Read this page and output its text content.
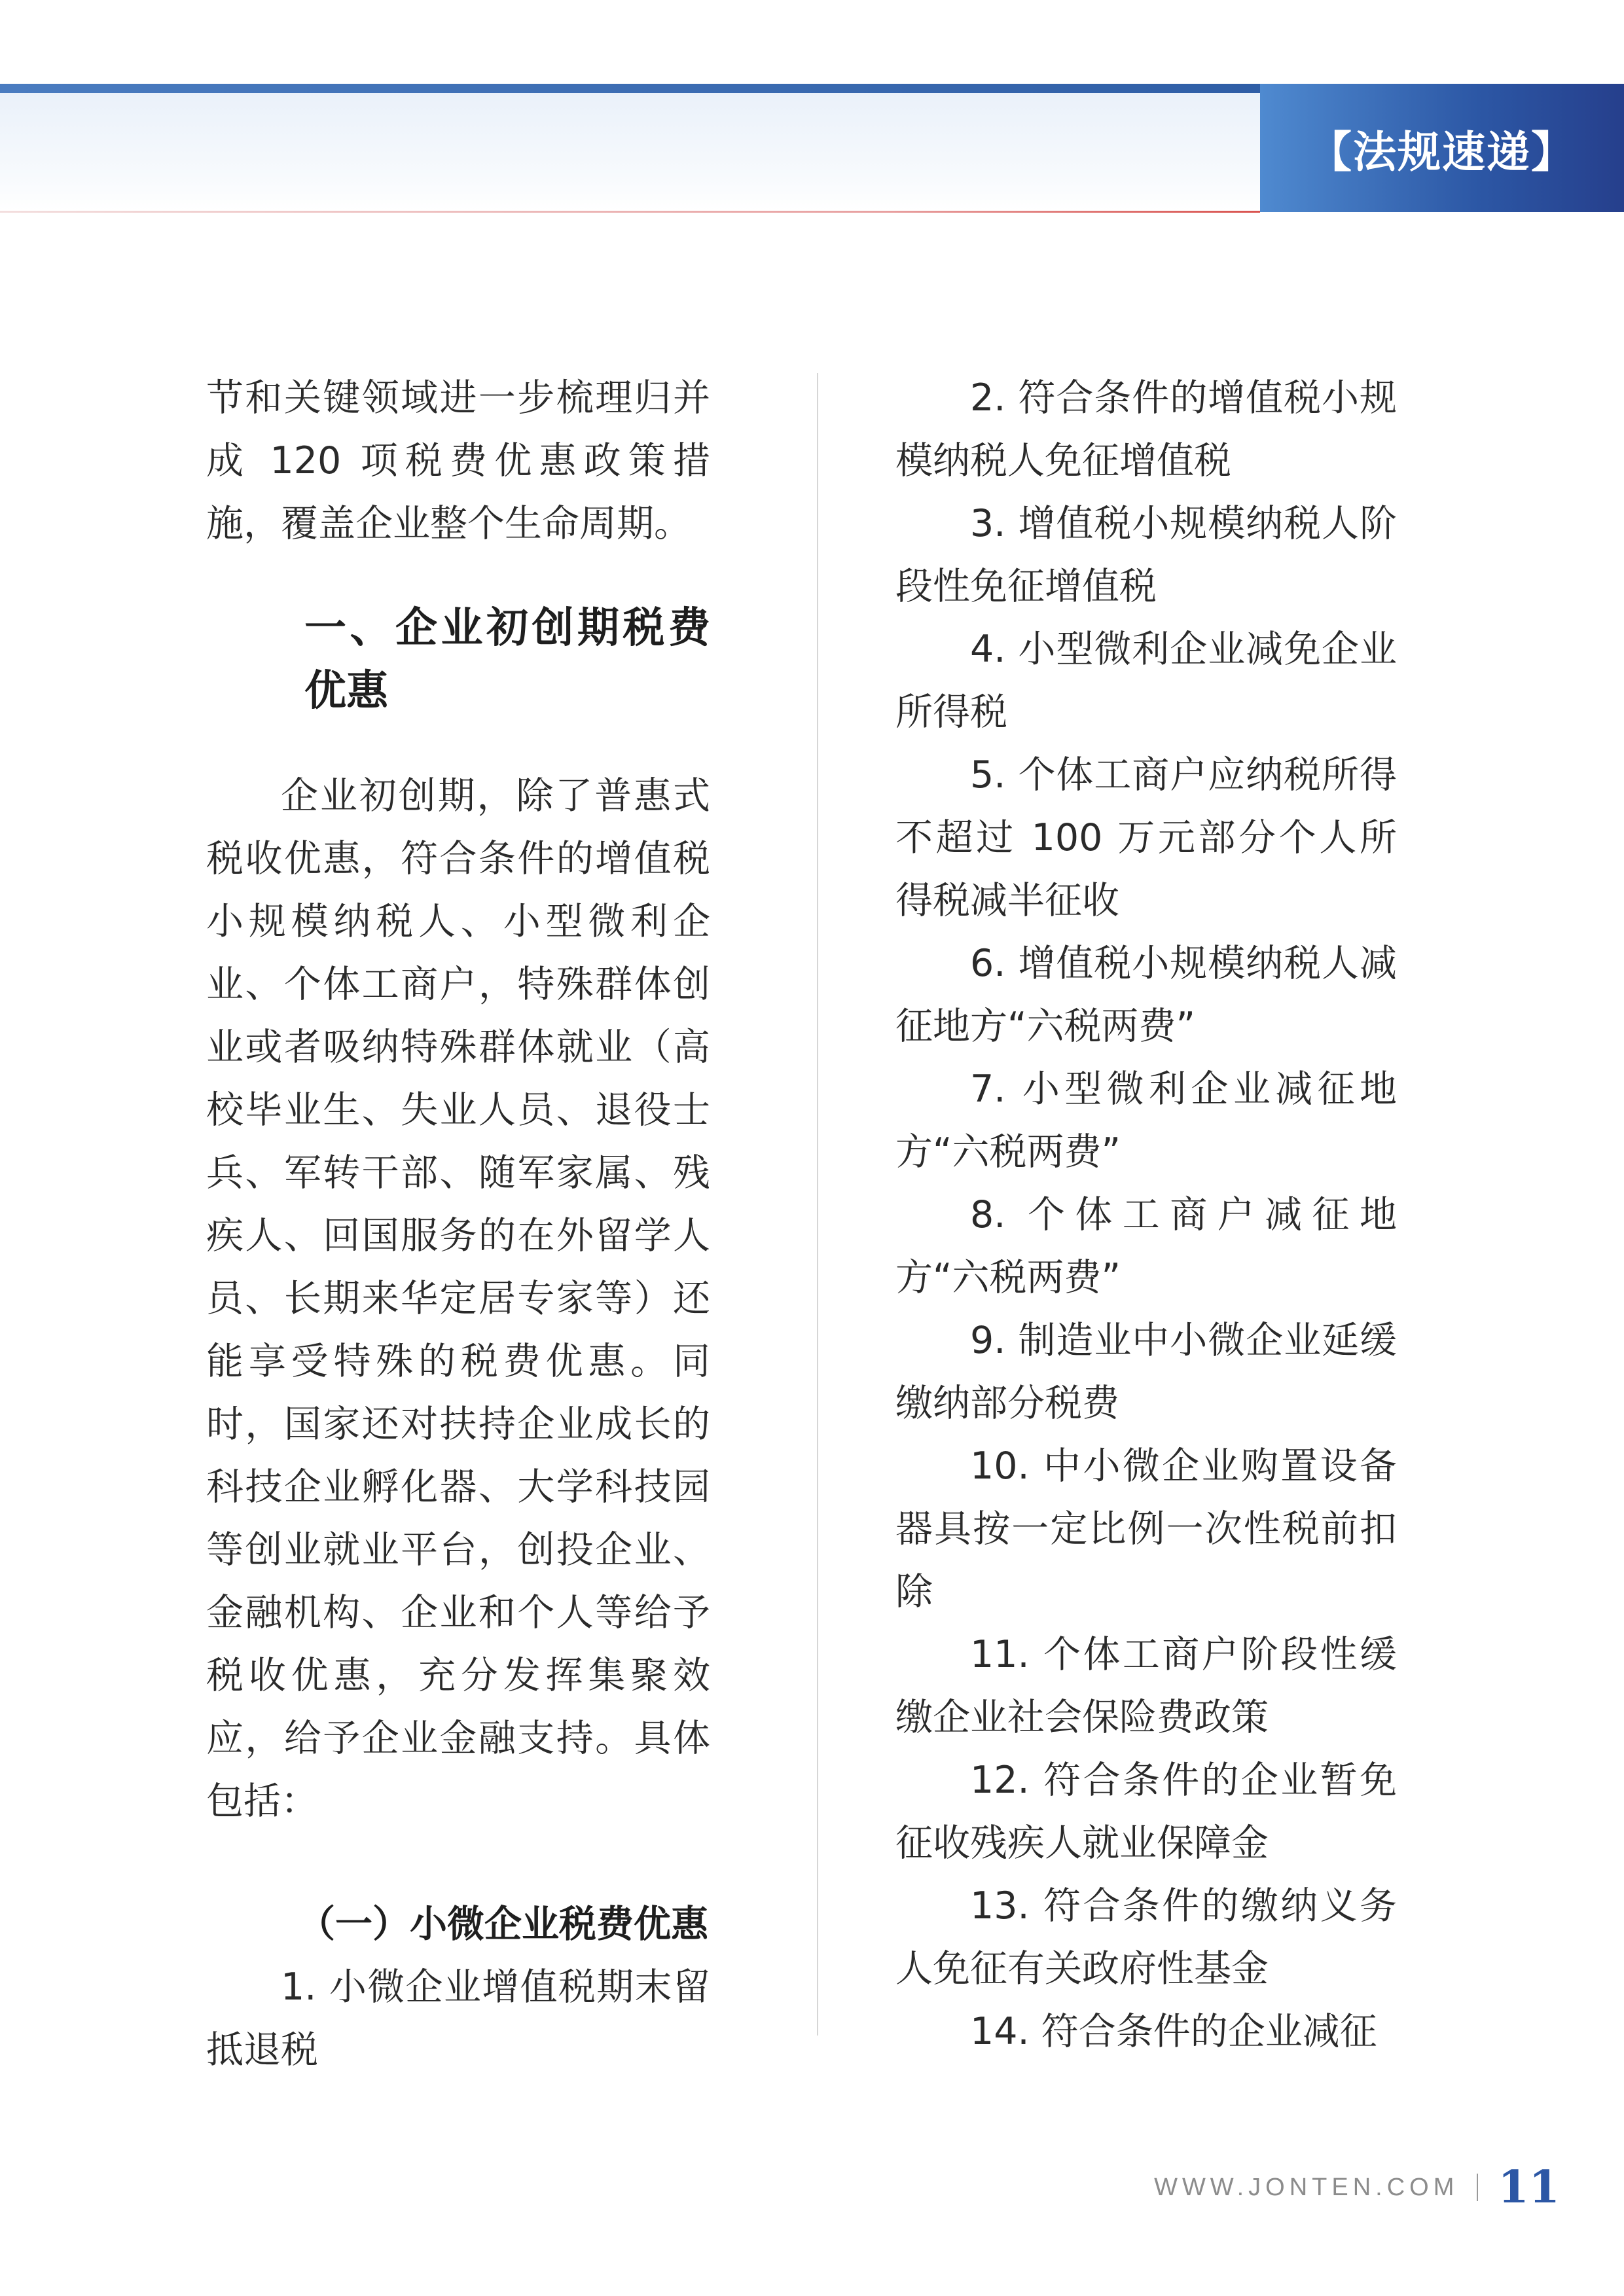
【法规速递】

节和关键领域进一步梳理归并成 120 项税费优惠政策措施，覆盖企业整个生命周期。

一、企业初创期税费优惠

企业初创期，除了普惠式税收优惠，符合条件的增值税小规模纳税人、小型微利企业、个体工商户，特殊群体创业或者吸纳特殊群体就业（高校毕业生、失业人员、退役士兵、军转干部、随军家属、残疾人、回国服务的在外留学人员、长期来华定居专家等）还能享受特殊的税费优惠。同时，国家还对扶持企业成长的科技企业孵化器、大学科技园等创业就业平台，创投企业、金融机构、企业和个人等给予税收优惠，充分发挥集聚效应，给予企业金融支持。具体包括：

（一）小微企业税费优惠

1. 小微企业增值税期末留抵退税

2. 符合条件的增值税小规模纳税人免征增值税

3. 增值税小规模纳税人阶段性免征增值税

4. 小型微利企业减免企业所得税

5. 个体工商户应纳税所得不超过 100 万元部分个人所得税减半征收

6. 增值税小规模纳税人减征地方“六税两费”

7. 小型微利企业减征地方“六税两费”

8. 个体工商户减征地方“六税两费”

9. 制造业中小微企业延缓缴纳部分税费

10. 中小微企业购置设备器具按一定比例一次性税前扣除

11. 个体工商户阶段性缓缴企业社会保险费政策

12. 符合条件的企业暂免征收残疾人就业保障金

13. 符合条件的缴纳义务人免征有关政府性基金

14. 符合条件的企业减征

WWW.JONTEN.COM 11
